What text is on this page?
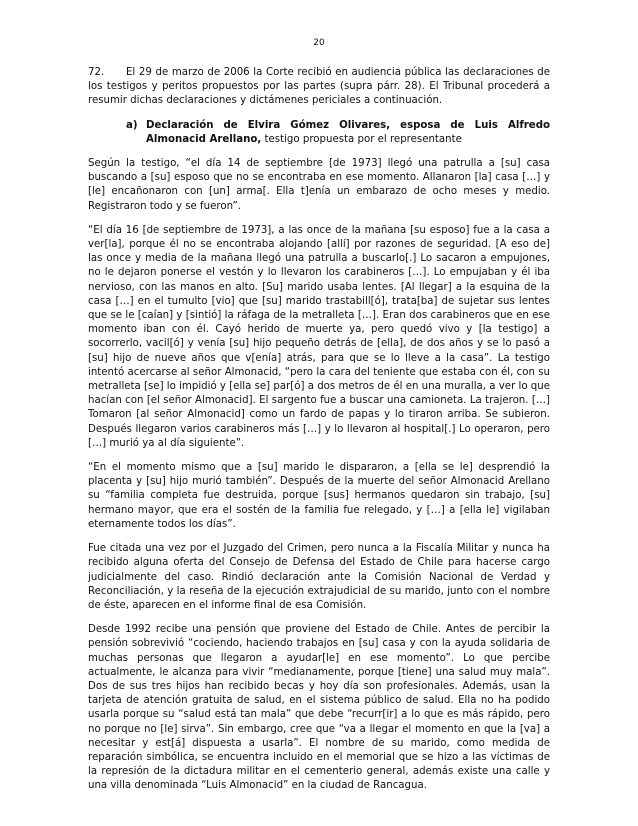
20

72. El 29 de marzo de 2006 la Corte recibió en audiencia pública las declaraciones de los testigos y peritos propuestos por las partes (supra párr. 28). El Tribunal procederá a resumir dichas declaraciones y dictámenes periciales a continuación.

a) Declaración de Elvira Gómez Olivares, esposa de Luis Alfredo Almonacid Arellano, testigo propuesta por el representante

Según la testigo, “el día 14 de septiembre [de 1973] llegó una patrulla a [su] casa buscando a [su] esposo que no se encontraba en ese momento. Allanaron [la] casa […] y [le] encañonaron con [un] arma[. Ella t]enía un embarazo de ocho meses y medio. Registraron todo y se fueron”.

“El día 16 [de septiembre de 1973], a las once de la mañana [su esposo] fue a la casa a ver[la], porque él no se encontraba alojando [allí] por razones de seguridad. [A eso de] las once y media de la mañana llegó una patrulla a buscarlo[.] Lo sacaron a empujones, no le dejaron ponerse el vestón y lo llevaron los carabineros […]. Lo empujaban y él iba nervioso, con las manos en alto. [Su] marido usaba lentes. [Al llegar] a la esquina de la casa […] en el tumulto [vio] que [su] marido trastabill[ó], trata[ba] de sujetar sus lentes que se le [caían] y [sintió] la ráfaga de la metralleta […]. Eran dos carabineros que en ese momento iban con él. Cayó herido de muerte ya, pero quedó vivo y [la testigo] a socorrerlo, vacil[ó] y venía [su] hijo pequeño detrás de [ella], de dos años y se lo pasó a [su] hijo de nueve años que v[enía] atrás, para que se lo lleve a la casa”. La testigo intentó acercarse al señor Almonacid, “pero la cara del teniente que estaba con él, con su metralleta [se] lo impidió y [ella se] par[ó] a dos metros de él en una muralla, a ver lo que hacían con [el señor Almonacid]. El sargento fue a buscar una camioneta. La trajeron. […] Tomaron [al señor Almonacid] como un fardo de papas y lo tiraron arriba. Se subieron. Después llegaron varios carabineros más […] y lo llevaron al hospital[.] Lo operaron, pero […] murió ya al día siguiente”.

“En el momento mismo que a [su] marido le dispararon, a [ella se le] desprendió la placenta y [su] hijo murió también”. Después de la muerte del señor Almonacid Arellano su “familia completa fue destruida, porque [sus] hermanos quedaron sin trabajo, [su] hermano mayor, que era el sostén de la familia fue relegado, y […] a [ella le] vigilaban eternamente todos los días”.

Fue citada una vez por el Juzgado del Crimen, pero nunca a la Fiscalía Militar y nunca ha recibido alguna oferta del Consejo de Defensa del Estado de Chile para hacerse cargo judicialmente del caso. Rindió declaración ante la Comisión Nacional de Verdad y Reconciliación, y la reseña de la ejecución extrajudicial de su marido, junto con el nombre de éste, aparecen en el informe final de esa Comisión.

Desde 1992 recibe una pensión que proviene del Estado de Chile. Antes de percibir la pensión sobrevivió “cociendo, haciendo trabajos en [su] casa y con la ayuda solidaria de muchas personas que llegaron a ayudar[le] en ese momento”. Lo que percibe actualmente, le alcanza para vivir “medianamente, porque [tiene] una salud muy mala”. Dos de sus tres hijos han recibido becas y hoy día son profesionales. Además, usan la tarjeta de atención gratuita de salud, en el sistema público de salud. Ella no ha podido usarla porque su “salud está tan mala” que debe “recurr[ir] a lo que es más rápido, pero no porque no [le] sirva”. Sin embargo, cree que “va a llegar el momento en que la [va] a necesitar y est[á] dispuesta a usarla”. El nombre de su marido, como medida de reparación simbólica, se encuentra incluido en el memorial que se hizo a las víctimas de la represión de la dictadura militar en el cementerio general, además existe una calle y una villa denominada “Luis Almonacid” en la ciudad de Rancagua.
